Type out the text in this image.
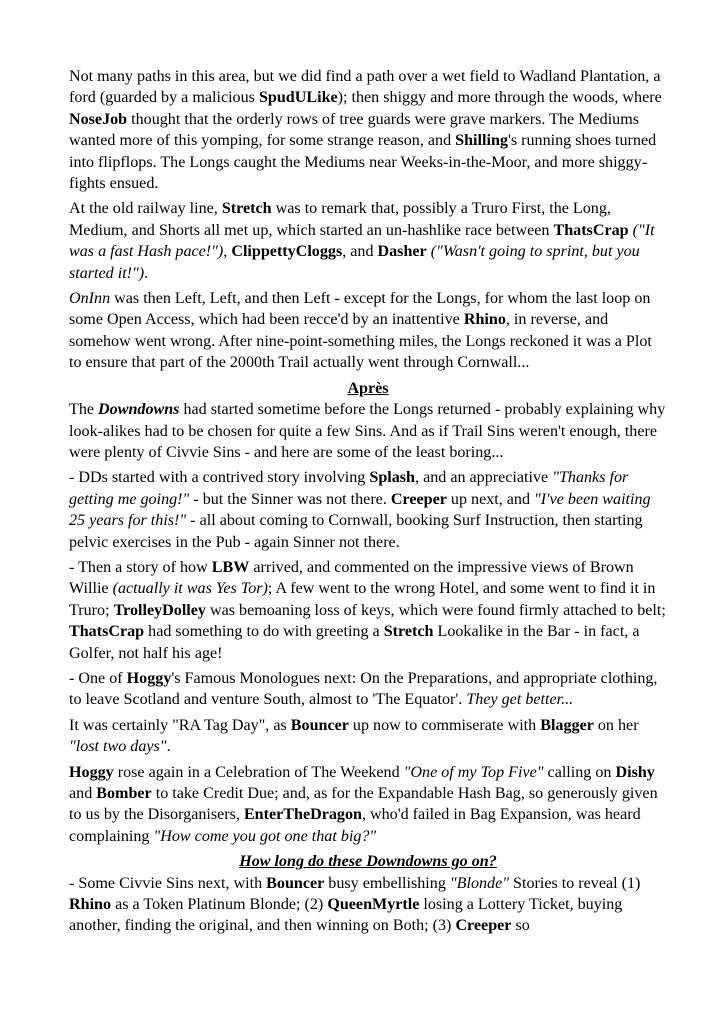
Not many paths in this area, but we did find a path over a wet field to Wadland Plantation, a ford (guarded by a malicious SpudULike); then shiggy and more through the woods, where NoseJob thought that the orderly rows of tree guards were grave markers. The Mediums wanted more of this yomping, for some strange reason, and Shilling's running shoes turned into flipflops. The Longs caught the Mediums near Weeks-in-the-Moor, and more shiggy-fights ensued.

At the old railway line, Stretch was to remark that, possibly a Truro First, the Long, Medium, and Shorts all met up, which started an un-hashlike race between ThatsCrap ("It was a fast Hash pace!"), ClippettyCloggs, and Dasher ("Wasn't going to sprint, but you started it!").

OnInn was then Left, Left, and then Left - except for the Longs, for whom the last loop on some Open Access, which had been recce'd by an inattentive Rhino, in reverse, and somehow went wrong. After nine-point-something miles, the Longs reckoned it was a Plot to ensure that part of the 2000th Trail actually went through Cornwall...

Après

The Downdowns had started sometime before the Longs returned - probably explaining why look-alikes had to be chosen for quite a few Sins. And as if Trail Sins weren't enough, there were plenty of Civvie Sins - and here are some of the least boring...

- DDs started with a contrived story involving Splash, and an appreciative "Thanks for getting me going!" - but the Sinner was not there. Creeper up next, and "I've been waiting 25 years for this!" - all about coming to Cornwall, booking Surf Instruction, then starting pelvic exercises in the Pub - again Sinner not there.

- Then a story of how LBW arrived, and commented on the impressive views of Brown Willie (actually it was Yes Tor); A few went to the wrong Hotel, and some went to find it in Truro; TrolleyDolley was bemoaning loss of keys, which were found firmly attached to belt; ThatsCrap had something to do with greeting a Stretch Lookalike in the Bar - in fact, a Golfer, not half his age!

- One of Hoggy's Famous Monologues next: On the Preparations, and appropriate clothing, to leave Scotland and venture South, almost to 'The Equator'. They get better...

It was certainly "RA Tag Day", as Bouncer up now to commiserate with Blagger on her "lost two days".

Hoggy rose again in a Celebration of The Weekend "One of my Top Five" calling on Dishy and Bomber to take Credit Due; and, as for the Expandable Hash Bag, so generously given to us by the Disorganisers, EnterTheDragon, who'd failed in Bag Expansion, was heard complaining "How come you got one that big?"

How long do these Downdowns go on?

- Some Civvie Sins next, with Bouncer busy embellishing "Blonde" Stories to reveal (1) Rhino as a Token Platinum Blonde; (2) QueenMyrtle losing a Lottery Ticket, buying another, finding the original, and then winning on Both; (3) Creeper so
